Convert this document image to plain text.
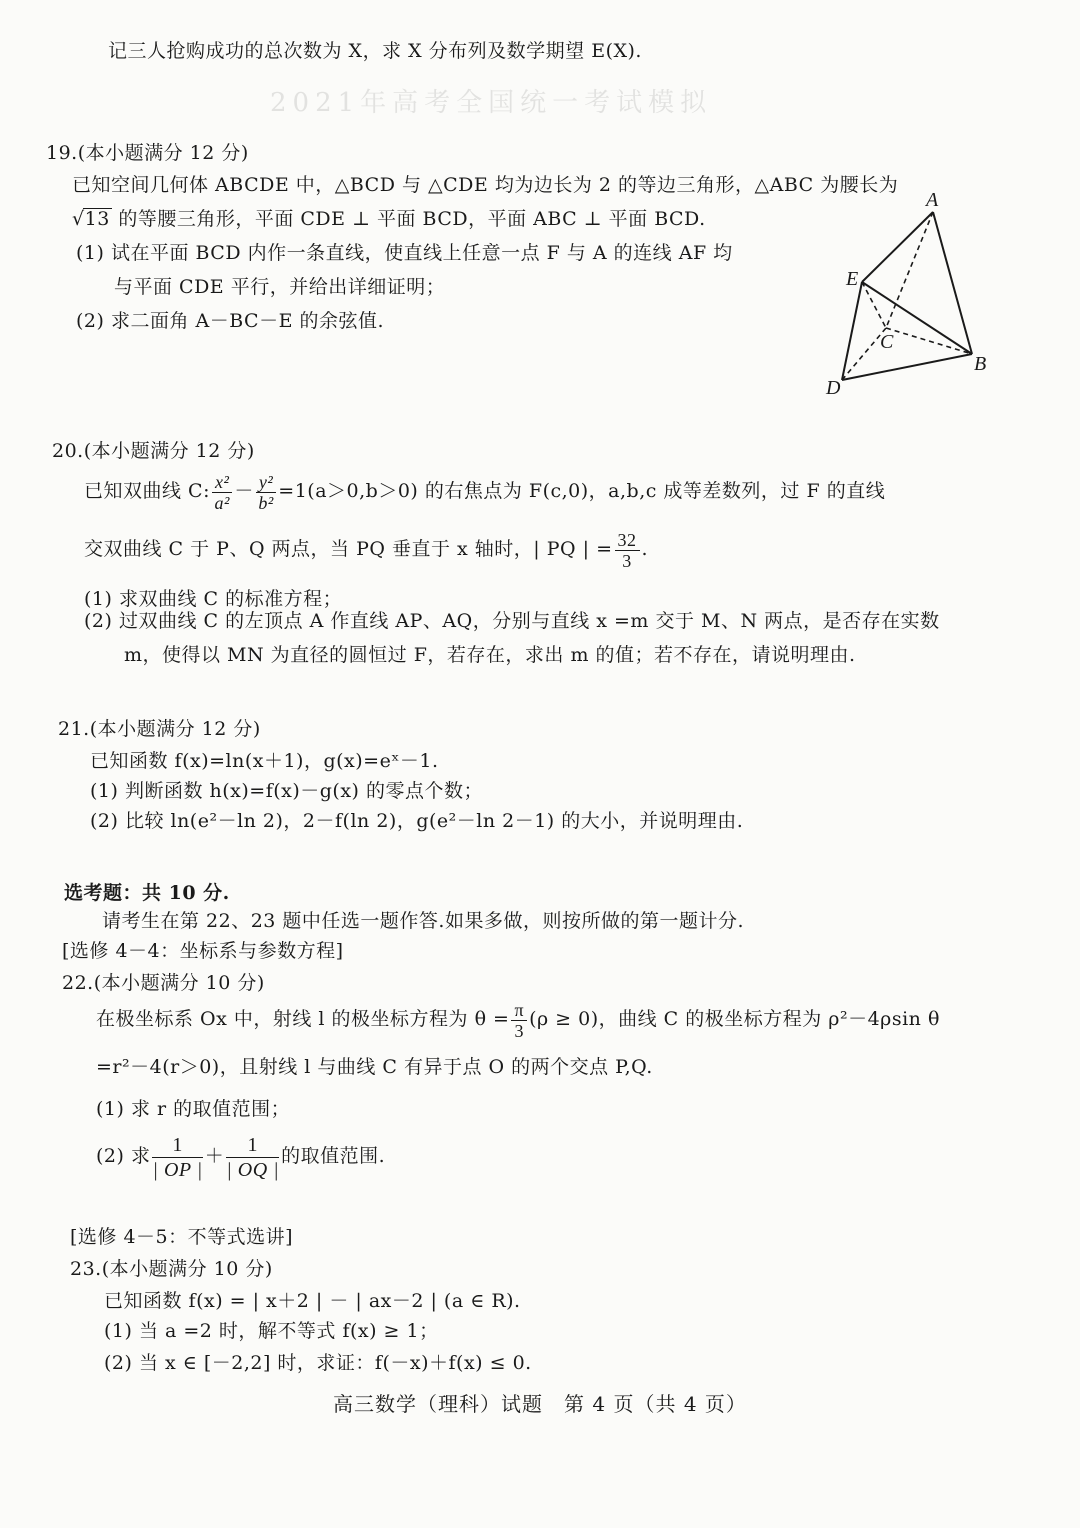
2021年高考全国统一考试模拟
记三人抢购成功的总次数为 X，求 X 分布列及数学期望 E(X).
19.(本小题满分 12 分)
已知空间几何体 ABCDE 中，△BCD 与 △CDE 均为边长为 2 的等边三角形，△ABC 为腰长为
√13 的等腰三角形，平面 CDE ⊥ 平面 BCD，平面 ABC ⊥ 平面 BCD.
(1) 试在平面 BCD 内作一条直线，使直线上任意一点 F 与 A 的连线 AF 均
与平面 CDE 平行，并给出详细证明；
(2) 求二面角 A－BC－E 的余弦值.
A
E
C
B
D
20.(本小题满分 12 分)
已知双曲线 C: $\frac{\text{x²}}{\text{a²}} - \frac{\text{y²}}{\text{b²}} =1(a>0,b>0)$ 的右焦点为 F(c,0)，a,b,c 成等差数列，过 F 的直线
交双曲线 C 于 P、Q 两点，当 PQ 垂直于 x 轴时，| PQ | = $\frac{32}{3}$ .
(1) 求双曲线 C 的标准方程；
(2) 过双曲线 C 的左顶点 A 作直线 AP、AQ，分别与直线 x =m 交于 M、N 两点，是否存在实数
m，使得以 MN 为直径的圆恒过 F，若存在，求出 m 的值；若不存在，请说明理由.
21.(本小题满分 12 分)
已知函数 f(x)=ln(x＋1)，g(x)=eˣ－1.
(1) 判断函数 h(x)=f(x)－g(x) 的零点个数；
(2) 比较 ln(e²－ln 2)，2－f(ln 2)，g(e²－ln 2－1) 的大小，并说明理由.
选考题：共 10 分.
请考生在第 22、23 题中任选一题作答.如果多做，则按所做的第一题计分.
[选修 4－4：坐标系与参数方程]
22.(本小题满分 10 分)
在极坐标系 Ox 中，射线 l 的极坐标方程为 $\theta = \frac{\pi}{3} (\rho \ge 0)$，曲线 C 的极坐标方程为 ρ²－4ρsin θ
=r²－4(r＞0)，且射线 l 与曲线 C 有异于点 O 的两个交点 P,Q.
(1) 求 r 的取值范围；
(2) 求 $\frac{1}{| OP |} + \frac{1}{| OQ |}$ 的取值范围.
[选修 4－5：不等式选讲]
23.(本小题满分 10 分)
已知函数 f(x) = | x＋2 | － | ax－2 | (a ∈ R).
(1) 当 a =2 时，解不等式 f(x) ≥ 1；
(2) 当 x ∈ [－2,2] 时，求证：f(－x)＋f(x) ≤ 0.
高三数学（理科）试题　第 4 页（共 4 页）
